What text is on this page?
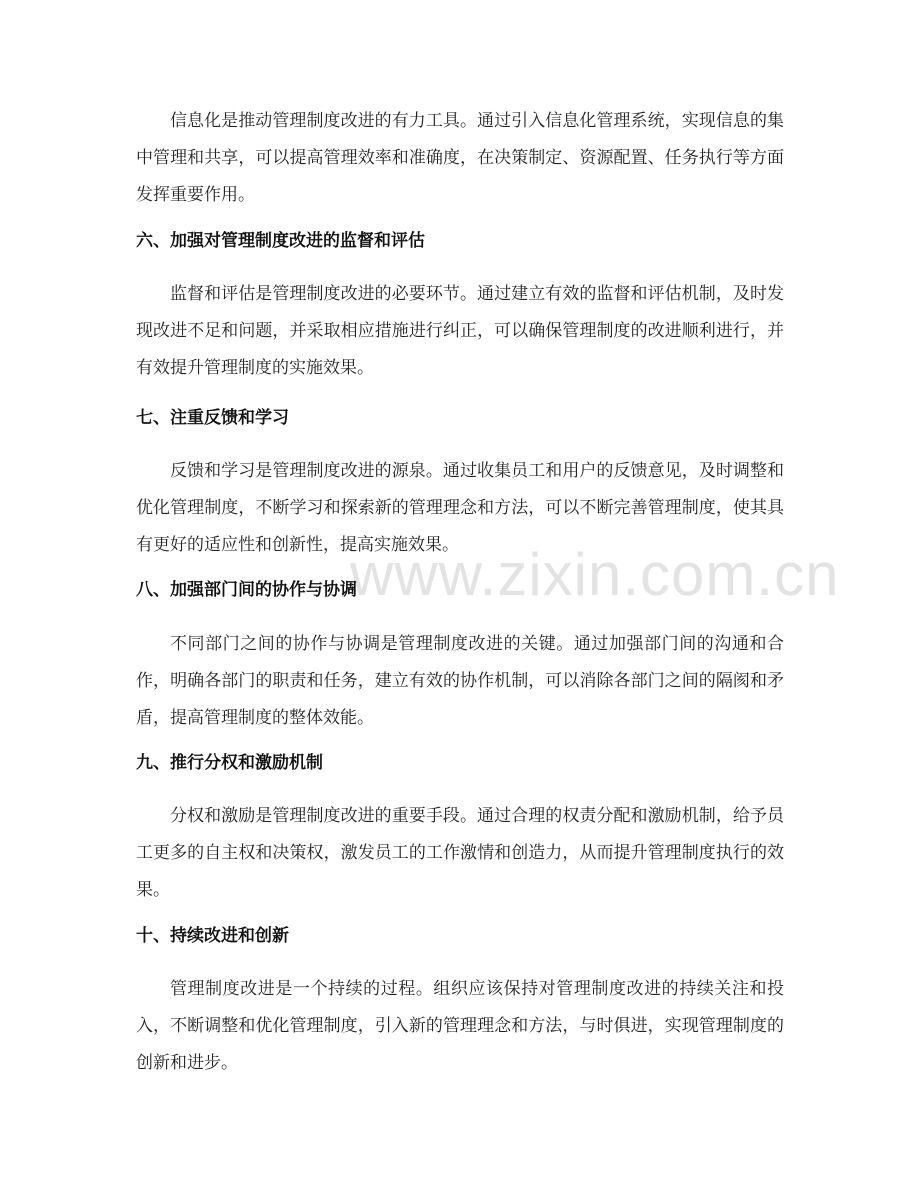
www.zixin.com.cn

信息化是推动管理制度改进的有力工具。通过引入信息化管理系统，实现信息的集中管理和共享，可以提高管理效率和准确度，在决策制定、资源配置、任务执行等方面发挥重要作用。

六、加强对管理制度改进的监督和评估

监督和评估是管理制度改进的必要环节。通过建立有效的监督和评估机制，及时发现改进不足和问题，并采取相应措施进行纠正，可以确保管理制度的改进顺利进行，并有效提升管理制度的实施效果。

七、注重反馈和学习

反馈和学习是管理制度改进的源泉。通过收集员工和用户的反馈意见，及时调整和优化管理制度，不断学习和探索新的管理理念和方法，可以不断完善管理制度，使其具有更好的适应性和创新性，提高实施效果。

八、加强部门间的协作与协调

不同部门之间的协作与协调是管理制度改进的关键。通过加强部门间的沟通和合作，明确各部门的职责和任务，建立有效的协作机制，可以消除各部门之间的隔阂和矛盾，提高管理制度的整体效能。

九、推行分权和激励机制

分权和激励是管理制度改进的重要手段。通过合理的权责分配和激励机制，给予员工更多的自主权和决策权，激发员工的工作激情和创造力，从而提升管理制度执行的效果。

十、持续改进和创新

管理制度改进是一个持续的过程。组织应该保持对管理制度改进的持续关注和投入，不断调整和优化管理制度，引入新的管理理念和方法，与时俱进，实现管理制度的创新和进步。
